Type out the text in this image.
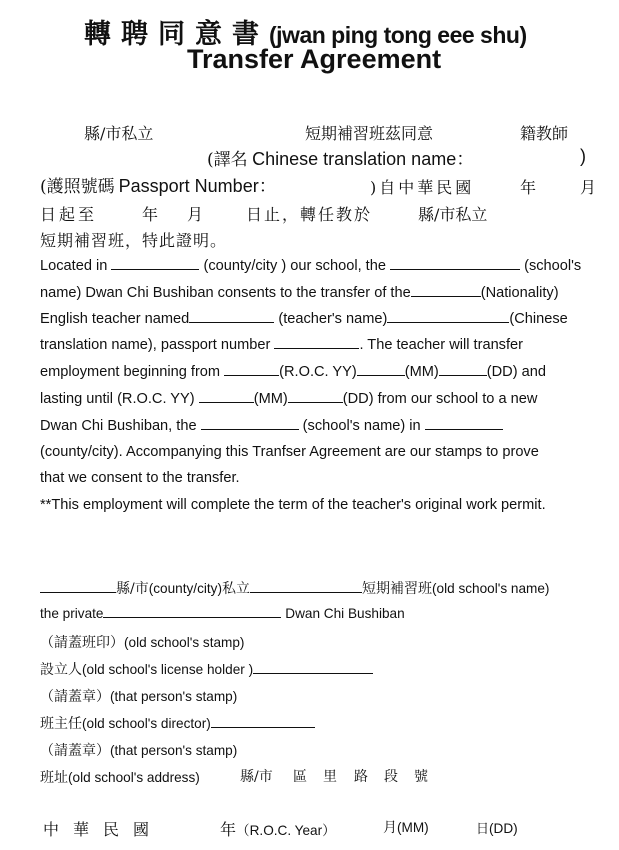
轉聘同意書(jwan ping tong eee shu)
Transfer Agreement
縣/市私立	短期補習班茲同意	籍教師
(譯名 Chinese translation name：	)
(護照號碼 Passport Number：	)自中華民國	年	月
日起至	年 月	日止，轉任教於	縣/市私立
短期補習班，特此證明。
Located in	(county/city ) our school, the	(school's
name) Dwan Chi Bushiban consents to the transfer of the	(Nationality)
English teacher named	(teacher's name)	(Chinese
translation name), passport number	. The teacher will transfer
employment beginning from	(R.O.C. YY)	(MM)	(DD) and
lasting until (R.O.C. YY)	(MM)	(DD) from our school to a new
Dwan Chi Bushiban, the	(school's name) in
(county/city). Accompanying this Tranfser Agreement are our stamps to prove
that we consent to the transfer.
**This employment will complete the term of the teacher's original work permit.
縣/市(county/city)私立	短期補習班(old school's name)
the private	Dwan Chi Bushiban
（請蓋班印）(old school's stamp)
設立人(old school's license holder )
（請蓋章）(that person's stamp)
班主任(old school's director)
（請蓋章）(that person's stamp)
班址(old school's address)	縣/市 區 里 路 段 號
中華民國	年（R.O.C. Year）	月(MM)	日(DD)
